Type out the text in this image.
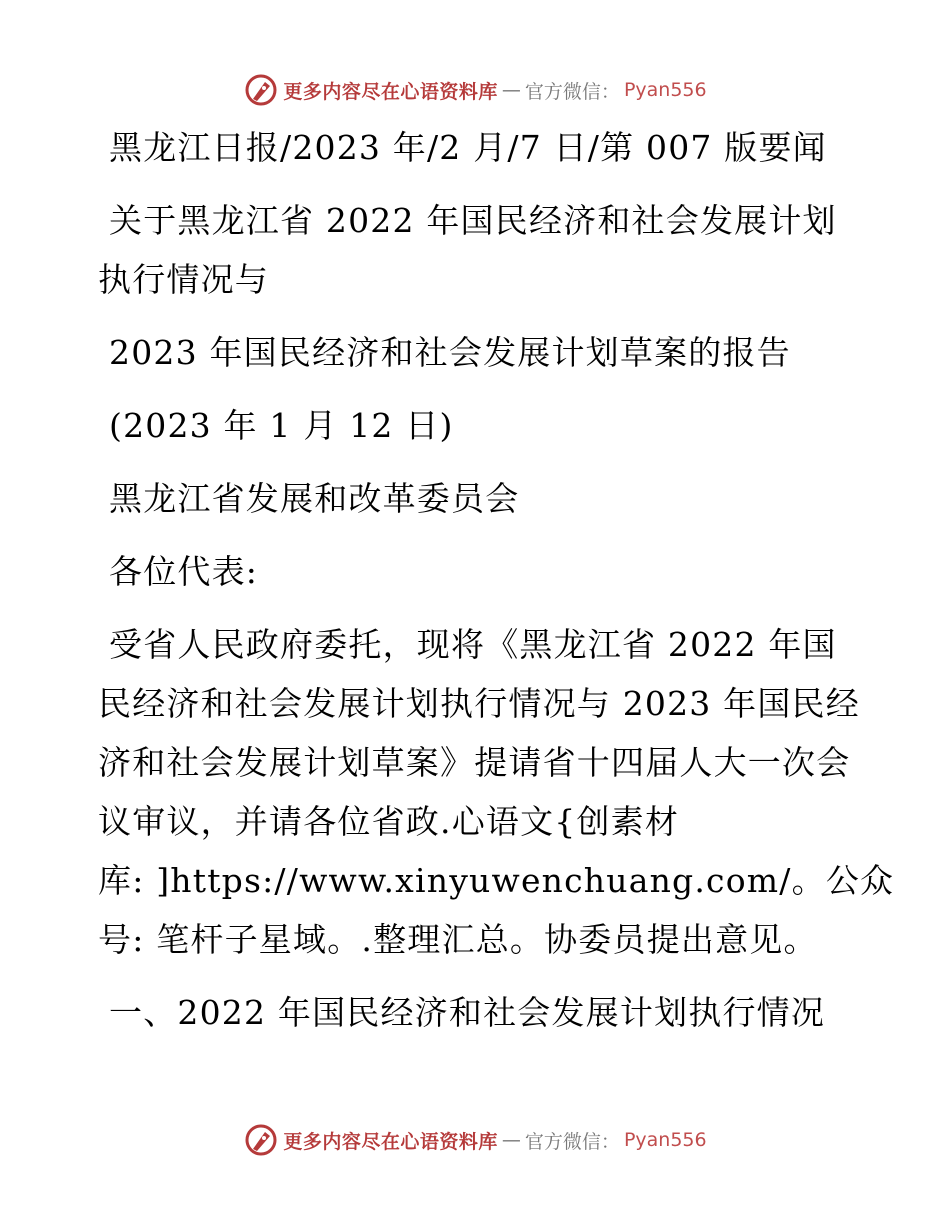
更多内容尽在心语资料库 — 官方微信： Pyan556
黑龙江日报/2023 年/2 月/7 日/第 007 版要闻
关于黑龙江省 2022 年国民经济和社会发展计划
执行情况与
2023 年国民经济和社会发展计划草案的报告
(2023 年 1 月 12 日)
黑龙江省发展和改革委员会
各位代表:
受省人民政府委托，现将《黑龙江省 2022 年国
民经济和社会发展计划执行情况与 2023 年国民经
济和社会发展计划草案》提请省十四届人大一次会
议审议，并请各位省政.心语文{创素材
库: ]https://www.xinyuwenchuang.com/。公众
号: 笔杆子星域。.整理汇总。协委员提出意见。
一、2022 年国民经济和社会发展计划执行情况
更多内容尽在心语资料库 — 官方微信： Pyan556
